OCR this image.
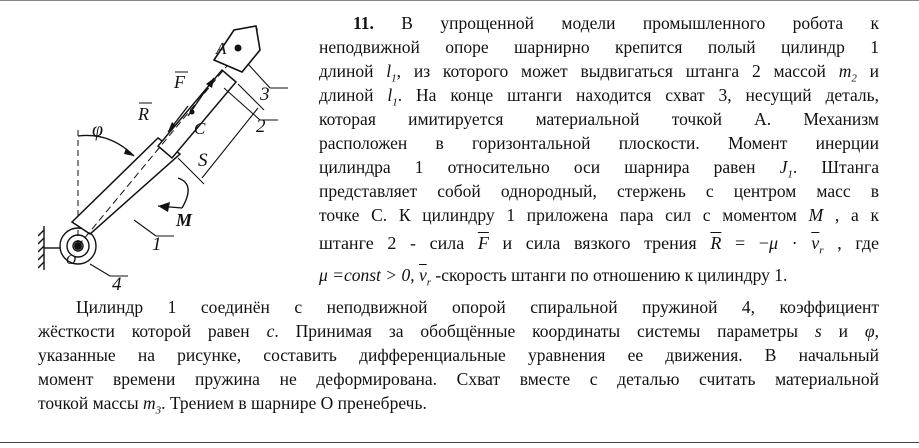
A
F
R
C
S
M
φ
O
1
2
3
4
11. В упрощенной модели промышленного робота к
неподвижной опоре шарнирно крепится полый цилиндр 1
длиной $l_1$, из которого может выдвигаться штанга 2 массой $m_2$ и
длиной $l_1$. На конце штанги находится схват 3, несущий деталь,
которая имитируется материальной точкой A. Механизм
расположен в горизонтальной плоскости. Момент инерции
цилиндра 1 относительно оси шарнира равен $J_1$. Штанга
представляет собой однородный, стержень с центром масс в
точке С. К цилиндру 1 приложена пара сил с моментом M , а к
штанге 2 - сила $\overline{F}$ и сила вязкого трения $\overline{R} = -\mu \cdot \overline{v}_r$ , где
μ =const > 0, $\overline{v}_r$ -скорость штанги по отношению к цилиндру 1.
Цилиндр 1 соединён с неподвижной опорой спиральной пружиной 4, коэффициент
жёсткости которой равен c. Принимая за обобщённые координаты системы параметры s и φ,
указанные на рисунке, составить дифференциальные уравнения ее движения. В начальный
момент времени пружина не деформирована. Схват вместе с деталью считать материальной
точкой массы $m_3$. Трением в шарнире О пренебречь.
